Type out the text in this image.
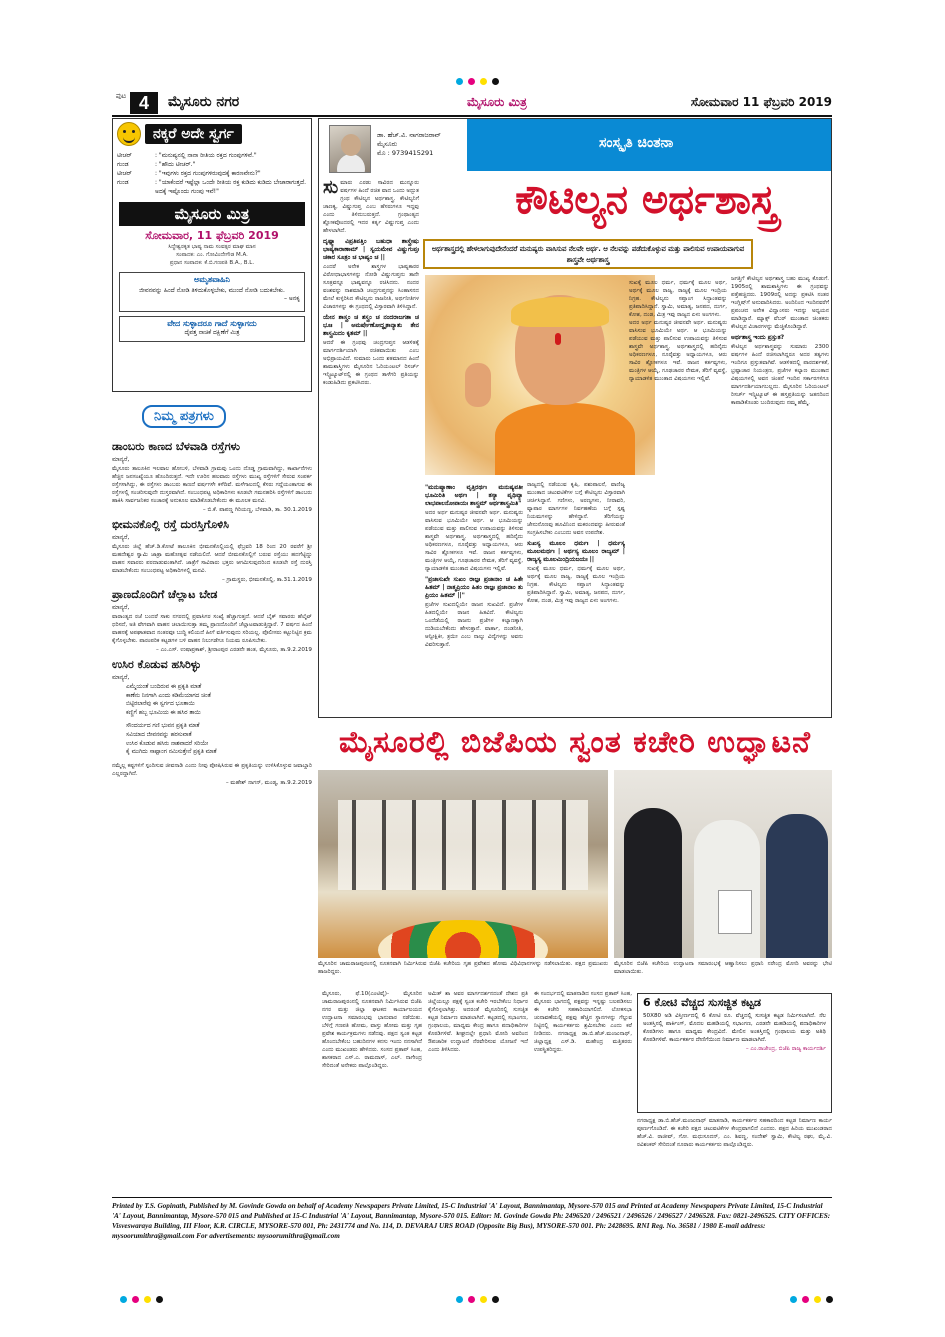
ಪುಟ 4	ಮೈಸೂರು ನಗರ	ಮೈಸೂರು ಮಿತ್ರ	ಸೋಮವಾರ 11 ಫೆಬ್ರವರಿ 2019
ನಕ್ಕರೆ ಅದೇ ಸ್ವರ್ಗ
ಟೀಚರ್	: "ಮನುಷ್ಯನಲ್ಲಿ ನಾನಾ ರೀತಿಯ ರಕ್ತದ ಗುಂಪುಗಳಿವೆ."
ಗುಂಡ	: "ಹೌದು ಟೀಚರ್."
ಟೀಚರ್	: "ಇವುಗಳು ರಕ್ತದ ಗುಂಪುಗಳಿರುವುದಕ್ಕೆ ಕಾರಣವೇನು?"
ಗುಂಡ	: "ಯಾಕೆಂದರೆ ಇಷ್ಟೆಲ್ಲಾ ಒಂದೇ ರೀತಿಯ ರಕ್ತ ಕುಡಿದು ಕುಡಿದು ಬೇಜಾರಾಗುತ್ತದೆ. ಅದಕ್ಕೆ ಇಷ್ಟೊಂದು ಗುಂಪು ಇವೆ!"
ಮೈಸೂರು ಮಿತ್ರ
ಸೋಮವಾರ, 11 ಫೆಬ್ರವರಿ 2019
ಸಿದ್ಧೇಶ್ವರಕೃತ ಭಾಷ್ಯ ನಾಮ ಸಂವತ್ಸರ ಮಾಘ ಮಾಸ
ಸಂಪಾದಕ: ಎಂ. ಗೋವಿಂದೇಗೌಡ M.A.
ಪ್ರಧಾನ ಸಂಪಾದಕ: ಕೆ.ಬಿ.ಗಣಪತಿ B.A., B.L.
ಅಮೃತವಾಹಿನಿ
ಜೀವನವನ್ನು ಹಿಂದೆ ನೋಡಿ ತಿಳಿದುಕೊಳ್ಳಬೇಕು, ಮುಂದೆ ನೋಡಿ ಬದುಕಬೇಕು.
– ಅನಕೃ
ವೇದ ಸುಳ್ಳಾದರೂ ಗಾದೆ ಸುಳ್ಳಾಗದು
ದೈವತ್ತ ನಾಚಿಕೆ ದಕ್ಷಿಣೆಗೆ ಮಿತ್ರ
ನಿಮ್ಮ ಪತ್ರಗಳು
ಡಾಂಬರು ಕಾಣದ ಬೆಳವಾಡಿ ರಸ್ತೆಗಳು
ಮಾನ್ಯರೆ,
ಮೈಸೂರು ತಾಲೂಕಿನ ಇಲವಾಲ ಹೋಬಳಿ, ಬೆಳವಾಡಿ ಗ್ರಾಮವು ಒಂದು ದೊಡ್ಡ ಗ್ರಾಮವಾಗಿದ್ದು, ಕಾರ್ಖಾನೆಗಳು ಹೆಚ್ಚಿನ ಜನಸಂಖ್ಯೆಯೂ ಹೊಂದಿರುತ್ತದೆ. ಇದೇ ಊರಿನ ಹಲವಾರು ರಸ್ತೆಗಳು ಮುಖ್ಯ ರಸ್ತೆಗಳಿಗೆ ಸೇರುವ ಸಂಪರ್ಕ ರಸ್ತೆಗಳಾಗಿದ್ದು, ಈ ರಸ್ತೆಗಳು ಡಾಂಬರು ಕಾಣದೆ ವರ್ಷಗಳೇ ಕಳೆದಿವೆ. ಮಳೆಗಾಲದಲ್ಲಿ ಕೆಸರು ಗದ್ದೆಯಂತಾಗುವ ಈ ರಸ್ತೆಗಳಲ್ಲಿ ಸಂಚರಿಸುವುದೇ ದುಸ್ತರವಾಗಿದೆ. ಸಂಬಂಧಪಟ್ಟ ಅಧಿಕಾರಿಗಳು ಕೂಡಲೇ ಗಮನಹರಿಸಿ ರಸ್ತೆಗಳಿಗೆ ಡಾಂಬರು ಹಾಕಿಸಿ ಸಾರ್ವಜನಿಕರ ಸಂಚಾರಕ್ಕೆ ಅನುಕೂಲ ಮಾಡಿಕೊಡಬೇಕೆಂದು ಈ ಮೂಲಕ ಮನವಿ.
– ಬಿ.ಕೆ. ಪಾಪಣ್ಣ ಗಿರಿಯಣ್ಣ, ಬೆಳವಾಡಿ, ತಾ. 30.1.2019
ಭೀಮನಕೊಲ್ಲಿ ರಸ್ತೆ ದುರಸ್ತಿಗೊಳಿಸಿ
ಮಾನ್ಯರೆ,
ಮೈಸೂರು ಜಿಲ್ಲೆ ಹೆಚ್.ಡಿ.ಕೋಟೆ ತಾಲೂಕಿನ ಭೀಮನಕೊಲ್ಲಿಯಲ್ಲಿ ಫೆಬ್ರವರಿ 18 ರಿಂದ 20 ರವರೆಗೆ ಶ್ರೀ ಮಹದೇಶ್ವರ ಸ್ವಾಮಿ ಜಾತ್ರಾ ಮಹೋತ್ಸವ ನಡೆಯಲಿದೆ. ಆದರೆ ಬೀಮನಕೊಲ್ಲಿಗೆ ಬರುವ ರಸ್ತೆಯು ಹದಗೆಟ್ಟಿದ್ದು ವಾಹನ ಸವಾರರು ಪರದಾಡುವಂತಾಗಿದೆ. ಜಾತ್ರೆಗೆ ಸಾವಿರಾರು ಭಕ್ತರು ಆಗಮಿಸುವುದರಿಂದ ಕೂಡಲೇ ರಸ್ತೆ ದುರಸ್ತಿ ಮಾಡಬೇಕೆಂದು ಸಂಬಂಧಪಟ್ಟ ಅಧಿಕಾರಿಗಳಲ್ಲಿ ಮನವಿ.
– ಗ್ರಾಮಸ್ಥರು, ಭೀಮನಕೊಲ್ಲಿ, ತಾ.31.1.2019
ಪ್ರಾಣದೊಂದಿಗೆ ಚೆಲ್ಲಾಟ ಬೇಡ
ಮಾನ್ಯರೆ,
ವಾರಾಂತ್ಯದ ರಜೆ ಬಂದರೆ ಸಾಕು ನಗರದಲ್ಲಿ ಪ್ರವಾಸಿಗರ ಸಂಖ್ಯೆ ಹೆಚ್ಚಾಗುತ್ತದೆ. ಆದರೆ ಬೈಕ್ ಸವಾರರು ಹೆಲ್ಮೆಟ್ ಧರಿಸದೆ, ಅತಿ ವೇಗವಾಗಿ ವಾಹನ ಚಲಾಯಿಸುತ್ತಾ ತಮ್ಮ ಪ್ರಾಣದೊಂದಿಗೆ ಚೆಲ್ಲಾಟವಾಡುತ್ತಿದ್ದಾರೆ. 7 ವರ್ಷದ ಹಿಂದೆ ವಾಹನಕ್ಕೆ ಅಪಘಾತವಾದ ನಂತರವೂ ಬುದ್ಧಿ ಕಲಿಯದೆ ಹೀಗೆ ವರ್ತಿಸುವುದು ಸರಿಯಲ್ಲ. ಪೊಲೀಸರು ಕಟ್ಟುನಿಟ್ಟಿನ ಕ್ರಮ ಕೈಗೊಳ್ಳಬೇಕು. ಪಾರಂಪರಿಕ ಕಟ್ಟಡಗಳ ಬಳಿ ವಾಹನ ನಿಲುಗಡೆಗೂ ನಿಯಮ ರೂಪಿಸಬೇಕು.
– ಎಂ.ಎಸ್. ಉಷಾಪ್ರಕಾಶ್, ಶ್ರೀರಾಂಪುರ ಎರಡನೇ ಹಂತ, ಮೈಸೂರು, ತಾ.9.2.2019
ಉಸಿರ ಕೊಡುವ ಹಸಿರಿಳ್ಳು
ಮಾನ್ಯರೆ,
ಎಮ್ಮೆಯಂತೆ ಬಂದಿರುವ ಈ ಪ್ರಕೃತಿ ಮಾತೆ
ಕಾಣೆನು ನಿನಗಾಗಿ ಎಂದು ಕಡಿಮೆಯಾಗದ ಚಿಂತೆ
ಬಿಟ್ಟಿರಲಾರೆವು ಈ ಸ್ವರ್ಗದ ಭೂತಾಯಿ
ಕಣ್ಣಿಗೆ ಹಬ್ಬ ಭೂಮಿಯ ಈ ಹಸಿರ ತಾಯಿ
ಸೌಂದರ್ಯದ ಗಣಿ ಭುವನ ಪ್ರಕೃತಿ ಮಾತೆ
ಸವಿಯಾದ ಜೀವನವನ್ನು ಹರಸುವಾತೆ
ಉಸಿರ ಕೊಡುವ ಹಸಿರು ನಾಶವಾದರೆ ಸರಿಯೇ
ಕೈ ಮುಗಿದು ಸಾಷ್ಟಾಂಗ ನಮಿಸುತ್ತೇನೆ ಪ್ರಕೃತಿ ಮಾತೆ
ನಮ್ಮೆಲ್ಲ ಕಷ್ಟಗಳಿಗೆ ಸ್ಪಂದಿಸುವ ಜೀವನಾಡಿ ಎಂದು ನೀವು ಪೋಷಿಸಿರುವ ಈ ಪ್ರಕೃತಿಯನ್ನು ಉಳಿಸಿಕೊಳ್ಳುವ ಜವಾಬ್ದಾರಿ ಎಲ್ಲರದ್ದಾಗಿದೆ.
– ಮಹೇಶ್ ನಾಗನ್, ಮಂಡ್ಯ, ತಾ.9.2.2019
ಡಾ. ಹೆಚ್.ವಿ. ನಾಗರಾಜರಾವ್
ಮೈಸೂರು
ಮೊ : 9739415291
ಸಂಸ್ಕೃತಿ ಚಿಂತನಾ
ಕೌಟಿಲ್ಯನ ಅರ್ಥಶಾಸ್ತ್ರ
ಅರ್ಥಶಾಸ್ತ್ರದಲ್ಲಿ ಹೇಳಲಾಗುವುದೇನೆಂದರೆ ಮನುಷ್ಯರು ವಾಸಿಸುವ ನೆಲವೇ ಅರ್ಥ. ಆ ನೆಲವನ್ನು ಪಡೆದುಕೊಳ್ಳುವ ಮತ್ತು ಪಾಲಿಸುವ ಉಪಾಯವಾಗುವ ಶಾಸ್ತ್ರವೇ ಅರ್ಥಶಾಸ್ತ್ರ
ಸುಮಾರು ಎರಡು ಸಾವಿರದ ಮುನ್ನೂರು ವರ್ಷಗಳ ಹಿಂದೆ ರಚಿತ ವಾದ ಒಂದು ಅದ್ಭುತ ಗ್ರಂಥ ಕೌಟಿಲ್ಯನ ಅರ್ಥಶಾಸ್ತ್ರ. ಕೌಟಿಲ್ಯನಿಗೆ ಚಾಣಕ್ಯ, ವಿಷ್ಣುಗುಪ್ತ ಎಂಬ ಹೆಸರುಗಳೂ ಇದ್ದವು ಎಂದು ತಿಳಿದುಬರುತ್ತದೆ. ಗ್ರಂಥಾಂತ್ಯದ ಶ್ಲೋಕವೊಂದರಲ್ಲಿ ಇದರ ಕರ್ತೃ ವಿಷ್ಣುಗುಪ್ತ ಎಂದು ಹೇಳಲಾಗಿದೆ.
ದೃಷ್ಟ್ವಾ ವಿಪ್ರತಿಪತ್ತಿಂ ಬಹುಧಾ ಶಾಸ್ತ್ರೇಷು ಭಾಷ್ಯಕಾರಾಣಾಮ್ | ಸ್ವಯಮೇವ ವಿಷ್ಣುಗುಪ್ತಃ ಚಕಾರ ಸೂತ್ರಂ ಚ ಭಾಷ್ಯಂ ಚ ||
ಎಂದರೆ ಅನೇಕ ಶಾಸ್ತ್ರಗಳ ಭಾಷ್ಯಕಾರರ ವಿರೋಧಾಭಾಸಗಳನ್ನು ನೋಡಿ ವಿಷ್ಣುಗುಪ್ತನು ತಾನೇ ಸೂತ್ರವನ್ನೂ ಭಾಷ್ಯವನ್ನೂ ರಚಿಸಿದನು. ನಂದರ ವಂಶವನ್ನು ನಾಶಮಾಡಿ ಚಂದ್ರಗುಪ್ತನನ್ನು ಸಿಂಹಾಸನದ ಮೇಲೆ ಕುಳ್ಳಿರಿಸಿದ ಕೌಟಿಲ್ಯನು ರಾಜನೀತಿ, ಅರ್ಥನೀತಿಗಳ ವಿಚಾರಗಳನ್ನು ಈ ಗ್ರಂಥದಲ್ಲಿ ವಿಸ್ತಾರವಾಗಿ ತಿಳಿಸಿದ್ದಾನೆ.
ಯೇನ ಶಾಸ್ತ್ರಂ ಚ ಶಸ್ತ್ರಂ ಚ ನಂದರಾಜಗತಾ ಚ ಭೂಃ | ಅಮರ್ಷೇಣೋದ್ಧೃತಾನ್ಯಾಶು ತೇನ ಶಾಸ್ತ್ರಮಿದಂ ಕೃತಮ್ ||
ಆದರೆ ಈ ಗ್ರಂಥವು ಚಂದ್ರಗುಪ್ತನ ಆಡಳಿತಕ್ಕೆ ಮಾರ್ಗದರ್ಶಿಯಾಗಿ ರಚಿತವಾಯಿತು ಎಂಬ ಅಭಿಪ್ರಾಯವಿದೆ. ಸುಮಾರು ಒಂದು ಶತಮಾನದ ಹಿಂದೆ ಶಾಮಶಾಸ್ತ್ರಿಗಳು ಮೈಸೂರಿನ ಓರಿಯಂಟಲ್ ರಿಸರ್ಚ್ ಇನ್ಸ್ಟಿಟ್ಯೂಟ್‌ನಲ್ಲಿ ಈ ಗ್ರಂಥದ ತಾಳೆಗರಿ ಪ್ರತಿಯನ್ನು ಕಂಡುಹಿಡಿದು ಪ್ರಕಟಿಸಿದರು.
"ಮನುಷ್ಯಾಣಾಂ ವೃತ್ತಿರರ್ಥಃ ಮನುಷ್ಯವತೀ ಭೂಮಿರಿತಿ ಅರ್ಥಃ | ತಸ್ಯಾ ಪೃಥಿವ್ಯಾ ಲಾಭಪಾಲನೋಪಾಯಃ ಶಾಸ್ತ್ರಮ್ ಅರ್ಥಶಾಸ್ತ್ರಮಿತಿ"
ಅದರ ಅರ್ಥ ಮನುಷ್ಯರ ಜೀವನವೇ ಅರ್ಥ. ಮನುಷ್ಯರು ವಾಸಿಸುವ ಭೂಮಿಯೇ ಅರ್ಥ. ಆ ಭೂಮಿಯನ್ನು ಪಡೆಯುವ ಮತ್ತು ಪಾಲಿಸುವ ಉಪಾಯವನ್ನು ತಿಳಿಸುವ ಶಾಸ್ತ್ರವೇ ಅರ್ಥಶಾಸ್ತ್ರ. ಅರ್ಥಶಾಸ್ತ್ರದಲ್ಲಿ ಹದಿನೈದು ಅಧಿಕರಣಗಳೂ, ನೂರೈವತ್ತು ಅಧ್ಯಾಯಗಳೂ, ಆರು ಸಾವಿರ ಶ್ಲೋಕಗಳೂ ಇವೆ. ರಾಜನ ಕರ್ತವ್ಯಗಳು, ಮಂತ್ರಿಗಳ ಆಯ್ಕೆ, ಗೂಢಚಾರರ ನೇಮಕ, ತೆರಿಗೆ ವ್ಯವಸ್ಥೆ, ನ್ಯಾಯಾಡಳಿತ ಮುಂತಾದ ವಿಷಯಗಳು ಇಲ್ಲಿವೆ.
"ಪ್ರಜಾಸುಖೇ ಸುಖಂ ರಾಜ್ಞಃ ಪ್ರಜಾನಾಂ ಚ ಹಿತೇ ಹಿತಮ್ | ನಾತ್ಮಪ್ರಿಯಂ ಹಿತಂ ರಾಜ್ಞಃ ಪ್ರಜಾನಾಂ ತು ಪ್ರಿಯಂ ಹಿತಮ್ ||"
ಪ್ರಜೆಗಳ ಸುಖದಲ್ಲಿಯೇ ರಾಜನ ಸುಖವಿದೆ. ಪ್ರಜೆಗಳ ಹಿತದಲ್ಲಿಯೇ ರಾಜನ ಹಿತವಿದೆ. ಕೌಟಿಲ್ಯನು ಒಂದೆಡೆಯಲ್ಲಿ ರಾಜನು ಪ್ರಜೆಗಳ ಕಲ್ಯಾಣಕ್ಕಾಗಿ ದುಡಿಯಬೇಕೆಂದು ಹೇಳುತ್ತಾನೆ. ವಾರ್ತಾ, ದಂಡನೀತಿ, ಆನ್ವೀಕ್ಷಿಕೀ, ತ್ರಯೀ ಎಂಬ ನಾಲ್ಕು ವಿದ್ಯೆಗಳನ್ನು ಅವನು ವಿವರಿಸುತ್ತಾನೆ.
ರಾಜ್ಯದಲ್ಲಿ ನಡೆಯುವ ಕೃಷಿ, ಪಶುಪಾಲನೆ, ವಾಣಿಜ್ಯ ಮುಂತಾದ ಚಟುವಟಿಕೆಗಳ ಬಗ್ಗೆ ಕೌಟಿಲ್ಯನು ವಿಸ್ತಾರವಾಗಿ ಚರ್ಚಿಸಿದ್ದಾನೆ. ಗಣಿಗಳು, ಅರಣ್ಯಗಳು, ನೀರಾವರಿ, ವ್ಯಾಪಾರ ಮಾರ್ಗಗಳ ನಿರ್ವಹಣೆಯ ಬಗ್ಗೆ ಸ್ಪಷ್ಟ ನಿಯಮಗಳನ್ನು ಹೇಳಿದ್ದಾನೆ. ತೆರಿಗೆಯನ್ನು ಜೇನುನೊಣವು ಹೂವಿನಿಂದ ಮಕರಂದವನ್ನು ಹೀರುವಂತೆ ಸಂಗ್ರಹಿಸಬೇಕು ಎಂಬುದು ಅವನ ಉಪದೇಶ.
ಸುಖಸ್ಯ ಮೂಲಂ ಧರ್ಮಃ | ಧರ್ಮಸ್ಯ ಮೂಲಮರ್ಥಃ | ಅರ್ಥಸ್ಯ ಮೂಲಂ ರಾಜ್ಯಮ್ | ರಾಜ್ಯಸ್ಯ ಮೂಲಮಿಂದ್ರಿಯಜಯಃ ||
ಸುಖಕ್ಕೆ ಮೂಲ ಧರ್ಮ, ಧರ್ಮಕ್ಕೆ ಮೂಲ ಅರ್ಥ, ಅರ್ಥಕ್ಕೆ ಮೂಲ ರಾಜ್ಯ, ರಾಜ್ಯಕ್ಕೆ ಮೂಲ ಇಂದ್ರಿಯ ನಿಗ್ರಹ. ಕೌಟಿಲ್ಯನು ಸಪ್ತಾಂಗ ಸಿದ್ಧಾಂತವನ್ನು ಪ್ರತಿಪಾದಿಸಿದ್ದಾನೆ. ಸ್ವಾಮಿ, ಅಮಾತ್ಯ, ಜನಪದ, ದುರ್ಗ, ಕೋಶ, ದಂಡ, ಮಿತ್ರ ಇವು ರಾಜ್ಯದ ಏಳು ಅಂಗಗಳು.
ಸುಖಕ್ಕೆ ಮೂಲ ಧರ್ಮ, ಧರ್ಮಕ್ಕೆ ಮೂಲ ಅರ್ಥ, ಅರ್ಥಕ್ಕೆ ಮೂಲ ರಾಜ್ಯ, ರಾಜ್ಯಕ್ಕೆ ಮೂಲ ಇಂದ್ರಿಯ ನಿಗ್ರಹ. ಕೌಟಿಲ್ಯನು ಸಪ್ತಾಂಗ ಸಿದ್ಧಾಂತವನ್ನು ಪ್ರತಿಪಾದಿಸಿದ್ದಾನೆ. ಸ್ವಾಮಿ, ಅಮಾತ್ಯ, ಜನಪದ, ದುರ್ಗ, ಕೋಶ, ದಂಡ, ಮಿತ್ರ ಇವು ರಾಜ್ಯದ ಏಳು ಅಂಗಗಳು.
ಅದರ ಅರ್ಥ ಮನುಷ್ಯರ ಜೀವನವೇ ಅರ್ಥ. ಮನುಷ್ಯರು ವಾಸಿಸುವ ಭೂಮಿಯೇ ಅರ್ಥ. ಆ ಭೂಮಿಯನ್ನು ಪಡೆಯುವ ಮತ್ತು ಪಾಲಿಸುವ ಉಪಾಯವನ್ನು ತಿಳಿಸುವ ಶಾಸ್ತ್ರವೇ ಅರ್ಥಶಾಸ್ತ್ರ. ಅರ್ಥಶಾಸ್ತ್ರದಲ್ಲಿ ಹದಿನೈದು ಅಧಿಕರಣಗಳೂ, ನೂರೈವತ್ತು ಅಧ್ಯಾಯಗಳೂ, ಆರು ಸಾವಿರ ಶ್ಲೋಕಗಳೂ ಇವೆ. ರಾಜನ ಕರ್ತವ್ಯಗಳು, ಮಂತ್ರಿಗಳ ಆಯ್ಕೆ, ಗೂಢಚಾರರ ನೇಮಕ, ತೆರಿಗೆ ವ್ಯವಸ್ಥೆ, ನ್ಯಾಯಾಡಳಿತ ಮುಂತಾದ ವಿಷಯಗಳು ಇಲ್ಲಿವೆ.
ಜಗತ್ತಿಗೆ ಕೌಟಿಲ್ಯನ ಅರ್ಥಶಾಸ್ತ್ರ ಬಹು ಮುಖ್ಯ ಕೊಡುಗೆ. 1905ರಲ್ಲಿ ಶಾಮಶಾಸ್ತ್ರಿಗಳು ಈ ಗ್ರಂಥವನ್ನು ಪತ್ತೆಹಚ್ಚಿದರು. 1909ರಲ್ಲಿ ಅದನ್ನು ಪ್ರಕಟಿಸಿ ನಂತರ ಇಂಗ್ಲಿಷ್‌ಗೆ ಅನುವಾದಿಸಿದರು. ಅಂದಿನಿಂದ ಇಂದಿನವರೆಗೆ ಪ್ರಪಂಚದ ಅನೇಕ ವಿದ್ವಾಂಸರು ಇದನ್ನು ಅಧ್ಯಯನ ಮಾಡಿದ್ದಾರೆ. ಮ್ಯಾಕ್ಸ್ ವೆಬರ್ ಮುಂತಾದ ಚಿಂತಕರು ಕೌಟಿಲ್ಯನ ವಿಚಾರಗಳನ್ನು ಮೆಚ್ಚಿಕೊಂಡಿದ್ದಾರೆ.
ಅರ್ಥಶಾಸ್ತ್ರ ಇಂದು ಪ್ರಸ್ತುತ?
ಕೌಟಿಲ್ಯನ ಅರ್ಥಶಾಸ್ತ್ರವನ್ನು ಸುಮಾರು 2300 ವರ್ಷಗಳ ಹಿಂದೆ ರಚಿಸಲಾಗಿದ್ದರೂ ಅದರ ತತ್ವಗಳು ಇಂದಿಗೂ ಪ್ರಸ್ತುತವಾಗಿವೆ. ಆಡಳಿತದಲ್ಲಿ ಪಾರದರ್ಶಕತೆ, ಭ್ರಷ್ಟಾಚಾರ ನಿಯಂತ್ರಣ, ಪ್ರಜೆಗಳ ಕಲ್ಯಾಣ ಮುಂತಾದ ವಿಷಯಗಳಲ್ಲಿ ಅವನ ಚಿಂತನೆ ಇಂದಿನ ಸರ್ಕಾರಗಳಿಗೂ ಮಾರ್ಗದರ್ಶಿಯಾಗಬಲ್ಲದು. ಮೈಸೂರಿನ ಓರಿಯಂಟಲ್ ರಿಸರ್ಚ್ ಇನ್ಸ್ಟಿಟ್ಯೂಟ್ ಈ ಹಸ್ತಪ್ರತಿಯನ್ನು ಜತನದಿಂದ ಕಾಪಾಡಿಕೊಂಡು ಬಂದಿರುವುದು ನಮ್ಮ ಹೆಮ್ಮೆ.
ಮೈಸೂರಲ್ಲಿ ಬಿಜೆಪಿಯ ಸ್ವಂತ ಕಚೇರಿ ಉದ್ಘಾಟನೆ
ಮೈಸೂರಿನ ಚಾಮರಾಜಪುರಂನಲ್ಲಿ ನೂತನವಾಗಿ ನಿರ್ಮಿಸಿರುವ ಬಿಜೆಪಿ ಕಚೇರಿಯ ಗೃಹ ಪ್ರವೇಶದ ಹೋಮ ವಿಧಿವಿಧಾನಗಳನ್ನು ನಡೆಸಲಾಯಿತು. ಪಕ್ಷದ ಪ್ರಮುಖರು ಹಾಜರಿದ್ದರು.
ಮೈಸೂರಿನ ಬಿಜೆಪಿ ಕಚೇರಿಯ ಉದ್ಘಾಟನಾ ಸಮಾರಂಭಕ್ಕೆ ಆಹ್ವಾನಿಸಲು ಪ್ರಧಾನಿ ನರೇಂದ್ರ ಮೋದಿ ಅವರನ್ನು ಭೇಟಿ ಮಾಡಲಾಯಿತು.
ಮೈಸೂರು, ಫೆ.10(ಎಂಟಿವೈ)- ಮೈಸೂರಿನ ಚಾಮರಾಜಪುರಂನಲ್ಲಿ ನೂತನವಾಗಿ ನಿರ್ಮಿಸಿರುವ ಬಿಜೆಪಿ ನಗರ ಮತ್ತು ಜಿಲ್ಲಾ ಘಟಕದ ಕಾರ್ಯಾಲಯದ ಉದ್ಘಾಟನಾ ಸಮಾರಂಭವು ಭಾನುವಾರ ನಡೆಯಿತು. ಬೆಳಿಗ್ಗೆ ಗಣಪತಿ ಹೋಮ, ವಾಸ್ತು ಹೋಮ ಮತ್ತು ಗೃಹ ಪ್ರವೇಶ ಕಾರ್ಯಕ್ರಮಗಳು ನಡೆದವು. ಪಕ್ಷದ ಸ್ವಂತ ಕಟ್ಟಡ ಹೊಂದಬೇಕೆಂಬ ಬಹುದಿನಗಳ ಕನಸು ಇಂದು ನನಸಾಗಿದೆ ಎಂದು ಮುಖಂಡರು ಹೇಳಿದರು. ಸಂಸದ ಪ್ರತಾಪ್ ಸಿಂಹ, ಶಾಸಕರಾದ ಎಸ್.ಎ. ರಾಮದಾಸ್, ಎಲ್. ನಾಗೇಂದ್ರ ಸೇರಿದಂತೆ ಅನೇಕರು ಪಾಲ್ಗೊಂಡಿದ್ದರು.
ಅಮಿತ್ ಶಾ ಅವರ ಮಾರ್ಗದರ್ಶನದಂತೆ ದೇಶದ ಪ್ರತಿ ಜಿಲ್ಲೆಯಲ್ಲೂ ಪಕ್ಷಕ್ಕೆ ಸ್ವಂತ ಕಚೇರಿ ಇರಬೇಕೆಂಬ ನಿರ್ಧಾರ ಕೈಗೊಳ್ಳಲಾಗಿತ್ತು. ಅದರಂತೆ ಮೈಸೂರಿನಲ್ಲಿ ಸುಸಜ್ಜಿತ ಕಟ್ಟಡ ನಿರ್ಮಾಣ ಮಾಡಲಾಗಿದೆ. ಕಟ್ಟಡದಲ್ಲಿ ಸಭಾಂಗಣ, ಗ್ರಂಥಾಲಯ, ಮಾಧ್ಯಮ ಕೇಂದ್ರ ಹಾಗೂ ಪದಾಧಿಕಾರಿಗಳ ಕೊಠಡಿಗಳಿವೆ. ಶೀಘ್ರದಲ್ಲೇ ಪ್ರಧಾನಿ ಮೋದಿ ಅವರಿಂದ ಔಪಚಾರಿಕ ಉದ್ಘಾಟನೆ ನೆರವೇರಿಸುವ ಯೋಜನೆ ಇದೆ ಎಂದು ತಿಳಿಸಿದರು.
ಈ ಸಂದರ್ಭದಲ್ಲಿ ಮಾತನಾಡಿದ ಸಂಸದ ಪ್ರತಾಪ್ ಸಿಂಹ, ಮೈಸೂರು ಭಾಗದಲ್ಲಿ ಪಕ್ಷವನ್ನು ಇನ್ನಷ್ಟು ಬಲಪಡಿಸಲು ಈ ಕಚೇರಿ ಸಹಕಾರಿಯಾಗಲಿದೆ. ಲೋಕಸಭಾ ಚುನಾವಣೆಯಲ್ಲಿ ಪಕ್ಷವು ಹೆಚ್ಚಿನ ಸ್ಥಾನಗಳನ್ನು ಗೆಲ್ಲುವ ನಿಟ್ಟಿನಲ್ಲಿ ಕಾರ್ಯಕರ್ತರು ಶ್ರಮಿಸಬೇಕು ಎಂದು ಕರೆ ನೀಡಿದರು. ನಗರಾಧ್ಯಕ್ಷ ಡಾ.ಬಿ.ಹೆಚ್.ಮಂಜುನಾಥ್, ಜಿಲ್ಲಾಧ್ಯಕ್ಷ ಎಸ್.ಡಿ. ಮಹೇಂದ್ರ ಮತ್ತಿತರರು ಉಪಸ್ಥಿತರಿದ್ದರು.
ನಗರಾಧ್ಯಕ್ಷ ಡಾ.ಬಿ.ಹೆಚ್.ಮಂಜುನಾಥ್ ಮಾತನಾಡಿ, ಕಾರ್ಯಕರ್ತರ ಸಹಕಾರದಿಂದ ಕಟ್ಟಡ ನಿರ್ಮಾಣ ಕಾರ್ಯ ಪೂರ್ಣಗೊಂಡಿದೆ. ಈ ಕಚೇರಿ ಪಕ್ಷದ ಚಟುವಟಿಕೆಗಳ ಕೇಂದ್ರವಾಗಲಿದೆ ಎಂದರು. ಪಕ್ಷದ ಹಿರಿಯ ಮುಖಂಡರಾದ ಹೆಚ್.ವಿ. ರಾಜೀವ್, ಗೋ. ಮಧುಸೂದನ್, ಎಂ. ಶಿವಣ್ಣ, ಸಂದೇಶ್ ಸ್ವಾಮಿ, ಕೌಟಿಲ್ಯ ರಘು, ಮೈ.ವಿ. ರವಿಶಂಕರ್ ಸೇರಿದಂತೆ ನೂರಾರು ಕಾರ್ಯಕರ್ತರು ಪಾಲ್ಗೊಂಡಿದ್ದರು.
6 ಕೋಟಿ ವೆಚ್ಚದ ಸುಸಜ್ಜಿತ ಕಟ್ಟಡ
50X80 ಅಡಿ ವಿಸ್ತೀರ್ಣದಲ್ಲಿ 6 ಕೋಟಿ ರೂ. ವೆಚ್ಚದಲ್ಲಿ ಸುಸಜ್ಜಿತ ಕಟ್ಟಡ ನಿರ್ಮಿಸಲಾಗಿದೆ. ನೆಲ ಅಂತಸ್ತಿನಲ್ಲಿ ಪಾರ್ಕಿಂಗ್, ಮೊದಲ ಮಹಡಿಯಲ್ಲಿ ಸಭಾಂಗಣ, ಎರಡನೇ ಮಹಡಿಯಲ್ಲಿ ಪದಾಧಿಕಾರಿಗಳ ಕೊಠಡಿಗಳು ಹಾಗೂ ಮಾಧ್ಯಮ ಕೇಂದ್ರವಿದೆ. ಮೇಲಿನ ಅಂತಸ್ತಿನಲ್ಲಿ ಗ್ರಂಥಾಲಯ ಮತ್ತು ಅತಿಥಿ ಕೊಠಡಿಗಳಿವೆ. ಕಾರ್ಯಕರ್ತರ ದೇಣಿಗೆಯಿಂದ ನಿರ್ಮಾಣ ಮಾಡಲಾಗಿದೆ.
– ಎಂ.ರಾಜೇಂದ್ರ, ಬಿಜೆಪಿ ರಾಜ್ಯ ಕಾರ್ಯದರ್ಶಿ
Printed by T.S. Gopinath, Published by M. Govinde Gowda on behalf of Academy Newspapers Private Limited, 15-C Industrial 'A' Layout, Bannimantap, Mysore-570 015 and Printed at Academy Newspapers Private Limited, 15-C Industrial 'A' Layout, Bannimantap, Mysore-570 015 and Published at 15-C Industrial 'A' Layout, Bannimantap, Mysore-570 015. Editor: M. Govinde Gowda Ph: 2496520 / 2496521 / 2496526 / 2496527 / 2496528. Fax: 0821-2496525. CITY OFFICES: Visveswaraya Building, III Floor, K.R. CIRCLE, MYSORE-570 001, Ph: 2431774 and No. 114, D. DEVARAJ URS ROAD (Opposite Big Bus), MYSORE-570 001. Ph: 2428695. RNI Reg. No. 36581 / 1980 E-mail address: mysoorumithra@gmail.com For advertisements: mysoorumithra@gmail.com
